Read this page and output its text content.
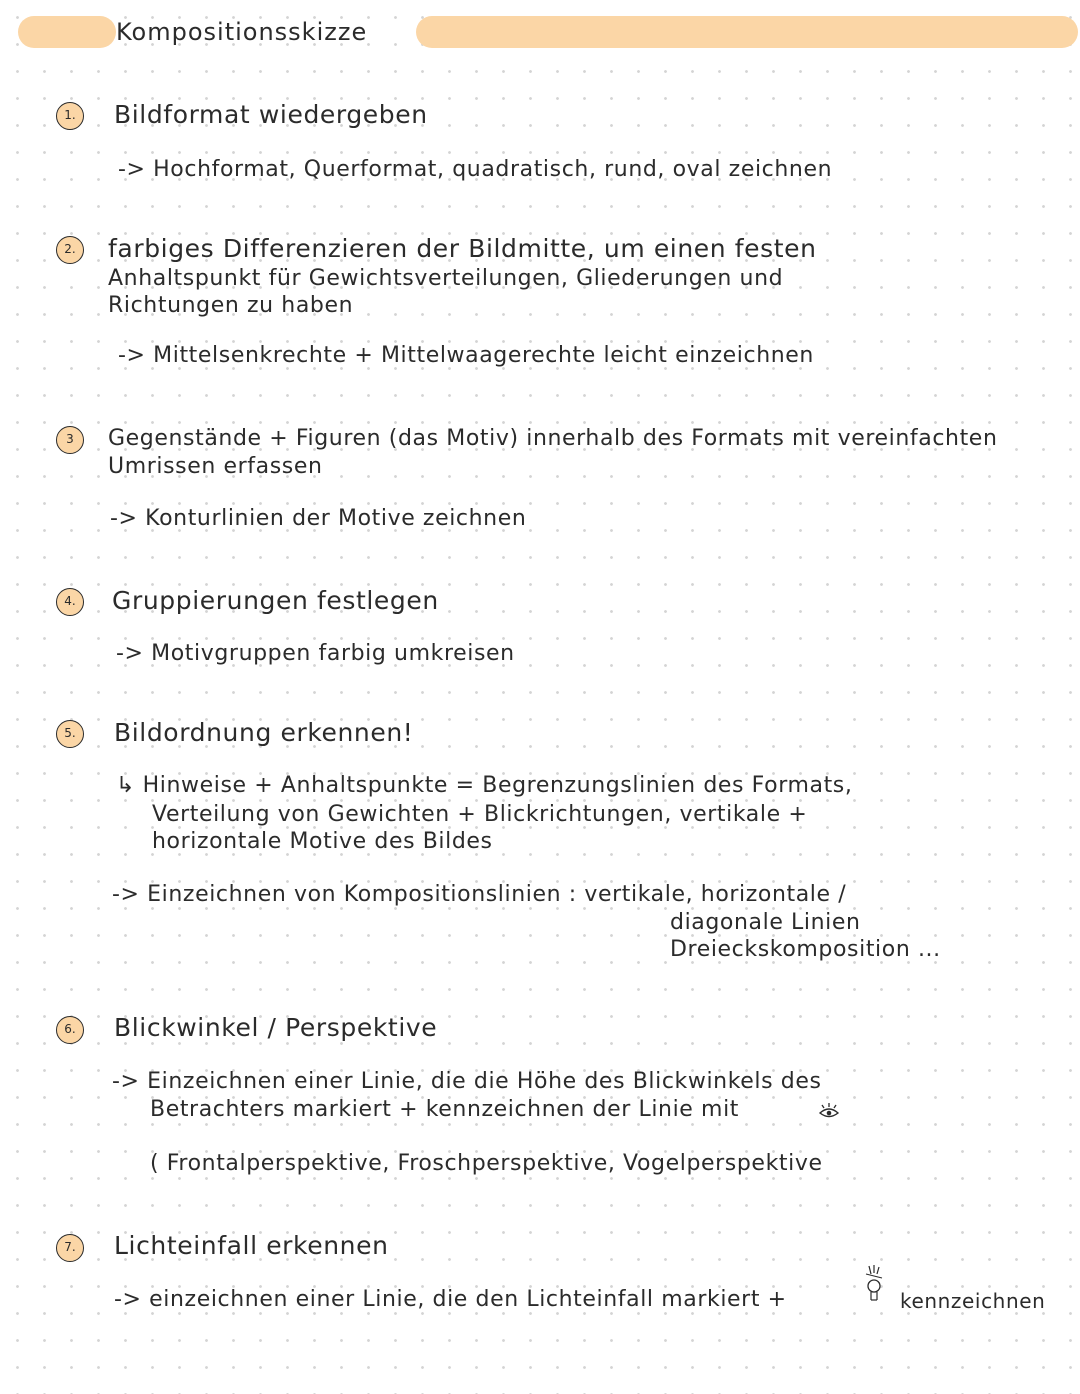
Kompositionsskizze
1.	Bildformat wiedergeben
-> Hochformat, Querformat, quadratisch, rund, oval zeichnen
2.	farbiges Differenzieren der Bildmitte, um einen festen
Anhaltspunkt für Gewichtsverteilungen, Gliederungen und
Richtungen zu haben
-> Mittelsenkrechte + Mittelwaagerechte leicht einzeichnen
3	Gegenstände + Figuren (das Motiv) innerhalb des Formats mit vereinfachten
Umrissen erfassen
-> Konturlinien der Motive zeichnen
4.	Gruppierungen festlegen
-> Motivgruppen farbig umkreisen
5.	Bildordnung erkennen!
↳ Hinweise + Anhaltspunkte = Begrenzungslinien des Formats,
Verteilung von Gewichten + Blickrichtungen, vertikale +
horizontale Motive des Bildes
-> Einzeichnen von Kompositionslinien : vertikale, horizontale /
diagonale Linien
Dreieckskomposition ...
6.	Blickwinkel / Perspektive
-> Einzeichnen einer Linie, die die Höhe des Blickwinkels des
Betrachters markiert + kennzeichnen der Linie mit
( Frontalperspektive, Froschperspektive, Vogelperspektive
7.	Lichteinfall erkennen
-> einzeichnen einer Linie, die den Lichteinfall markiert +	kennzeichnen
